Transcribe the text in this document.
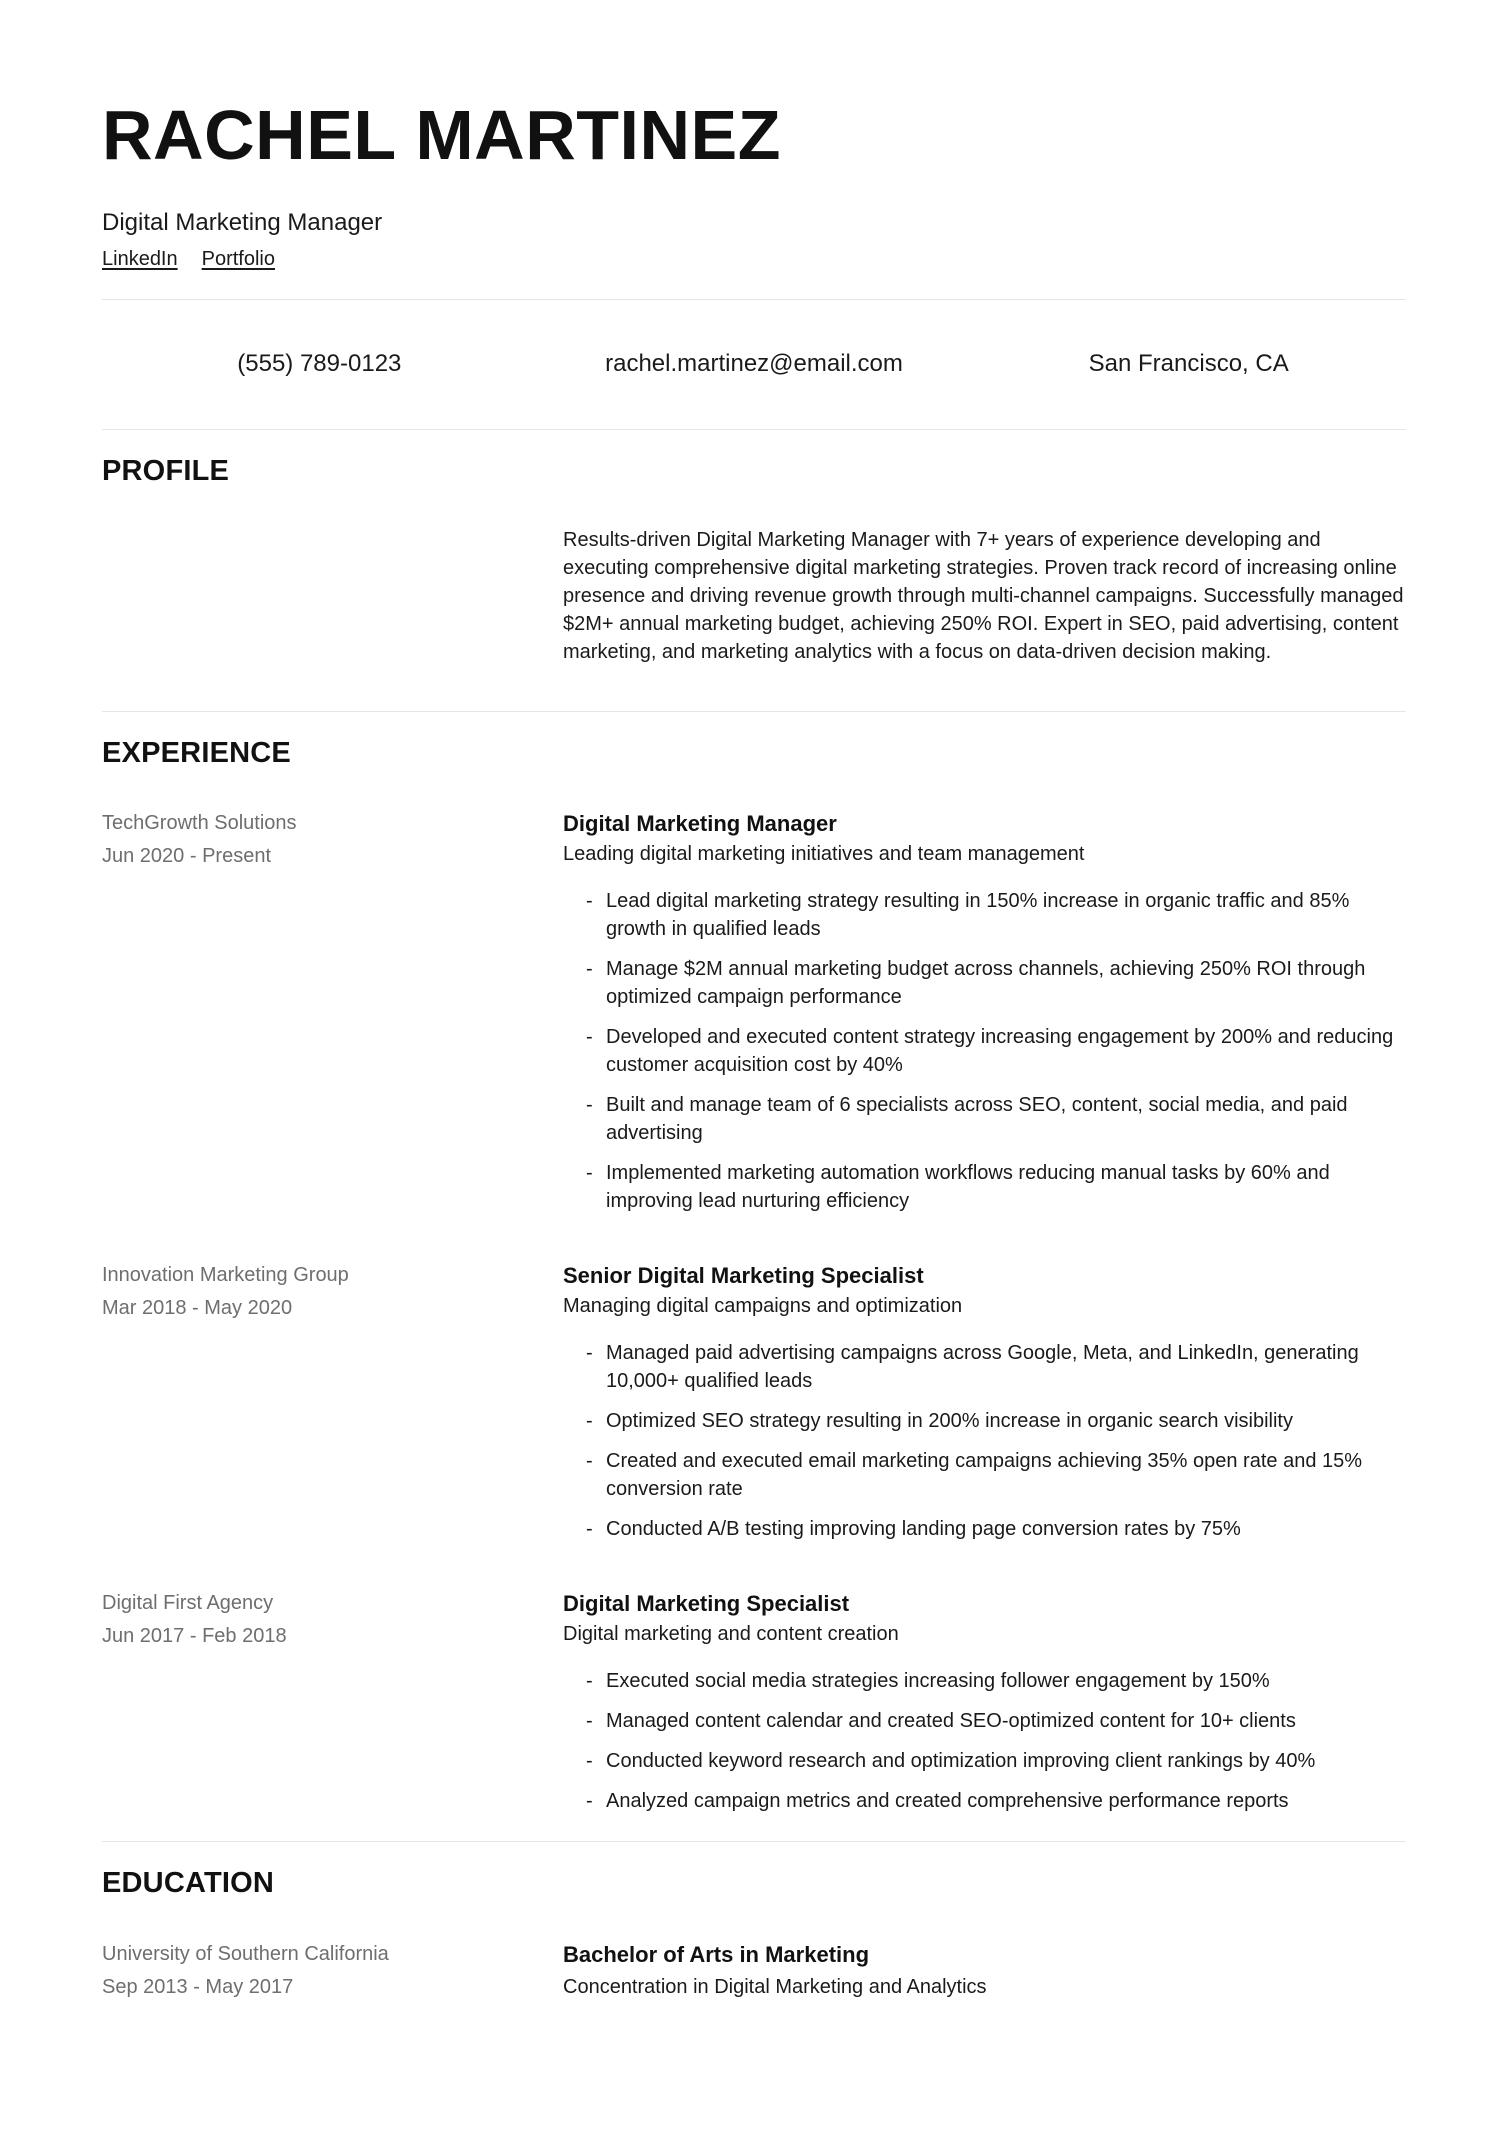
RACHEL MARTINEZ
Digital Marketing Manager
LinkedIn Portfolio
(555) 789-0123	rachel.martinez@email.com	San Francisco, CA
PROFILE

Results-driven Digital Marketing Manager with 7+ years of experience developing and executing comprehensive digital marketing strategies. Proven track record of increasing online presence and driving revenue growth through multi-channel campaigns. Successfully managed $2M+ annual marketing budget, achieving 250% ROI. Expert in SEO, paid advertising, content marketing, and marketing analytics with a focus on data-driven decision making.

EXPERIENCE
TechGrowth Solutions
Jun 2020 - Present
Digital Marketing Manager
Leading digital marketing initiatives and team management
- Lead digital marketing strategy resulting in 150% increase in organic traffic and 85% growth in qualified leads
- Manage $2M annual marketing budget across channels, achieving 250% ROI through optimized campaign performance
- Developed and executed content strategy increasing engagement by 200% and reducing customer acquisition cost by 40%
- Built and manage team of 6 specialists across SEO, content, social media, and paid advertising
- Implemented marketing automation workflows reducing manual tasks by 60% and improving lead nurturing efficiency
Innovation Marketing Group
Mar 2018 - May 2020
Senior Digital Marketing Specialist
Managing digital campaigns and optimization
- Managed paid advertising campaigns across Google, Meta, and LinkedIn, generating 10,000+ qualified leads
- Optimized SEO strategy resulting in 200% increase in organic search visibility
- Created and executed email marketing campaigns achieving 35% open rate and 15% conversion rate
- Conducted A/B testing improving landing page conversion rates by 75%
Digital First Agency
Jun 2017 - Feb 2018
Digital Marketing Specialist
Digital marketing and content creation
- Executed social media strategies increasing follower engagement by 150%
- Managed content calendar and created SEO-optimized content for 10+ clients
- Conducted keyword research and optimization improving client rankings by 40%
- Analyzed campaign metrics and created comprehensive performance reports
EDUCATION
University of Southern California
Sep 2013 - May 2017
Bachelor of Arts in Marketing
Concentration in Digital Marketing and Analytics
